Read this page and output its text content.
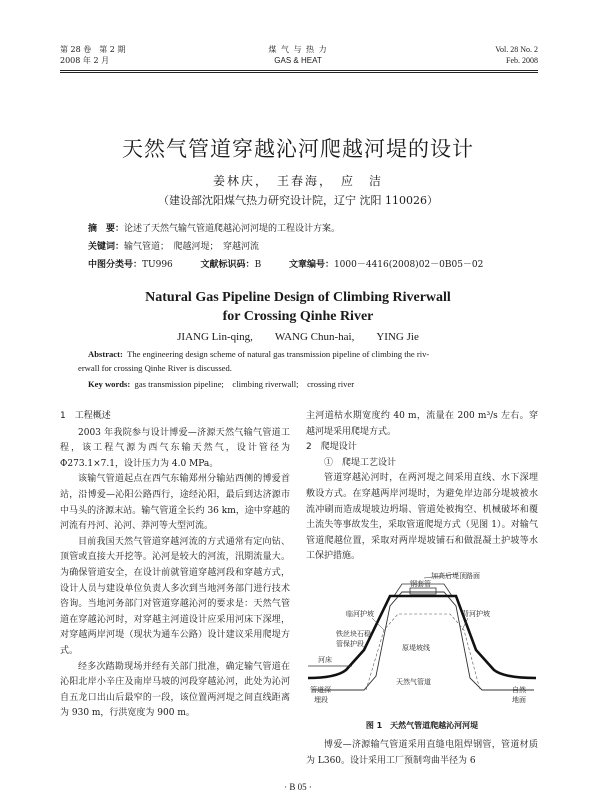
第 28 卷　第 2 期
2008 年 2 月
煤 气 与 热 力
GAS & HEAT
Vol. 28 No. 2
Feb. 2008
天然气管道穿越沁河爬越河堤的设计
姜林庆，　王春海，　应　洁
（建设部沈阳煤气热力研究设计院，辽宁 沈阳 110026）
摘　要：论述了天然气输气管道爬越沁河河堤的工程设计方案。
关键词：输气管道；　爬越河堤；　穿越河流
中图分类号：TU996	文献标识码：B	文章编号：1000－4416(2008)02－0B05－02
Natural Gas Pipeline Design of Climbing Riverwall
for Crossing Qinhe River
JIANG Lin-qing,　　WANG Chun-hai,　　YING Jie
Abstract: The engineering design scheme of natural gas transmission pipeline of climbing the riv-
erwall for crossing Qinhe River is discussed.
Key words: gas transmission pipeline;　climbing riverwall;　crossing river

1　工程概述

2003 年我院参与设计博爱—济源天然气输气管道工程，该工程气源为西气东输天然气，设计管径为 Φ273.1×7.1，设计压力为 4.0 MPa。

该输气管道起点在西气东输郑州分输站西侧的博爱首站，沿博爱—沁阳公路西行，途经沁阳，最后到达济源市中马头的济源末站。输气管道全长约 36 km，途中穿越的河流有丹河、沁河、莽河等大型河流。

目前我国天然气管道穿越河流的方式通常有定向钻、顶管或直接大开挖等。沁河是较大的河流，汛期流量大。为确保管道安全，在设计前就管道穿越河段和穿越方式，设计人员与建设单位负责人多次到当地河务部门进行技术咨询。当地河务部门对管道穿越沁河的要求是：天然气管道在穿越沁河时，对穿越主河道设计应采用河床下深埋，对穿越两岸河堤（现状为通车公路）设计建议采用爬堤方式。

经多次踏勘现场并经有关部门批准，确定输气管道在沁阳北岸小辛庄及南岸马坡的河段穿越沁河，此处为沁河自五龙口出山后最窄的一段，该位置两河堤之间直线距离为 930 m，行洪宽度为 900 m。

主河道枯水期宽度约 40 m，流量在 200 m³/s 左右。穿越河堤采用爬堤方式。

2　爬堤设计

①　爬堤工艺设计

管道穿越沁河时，在两河堤之间采用直线、水下深埋敷设方式。在穿越两岸河堤时，为避免岸边部分堤坡被水流冲刷而造成堤坡边坍塌、管道处被掏空、机械破坏和覆土流失等事故发生，采取管道爬堤方式（见图 1）。对输气管道爬越位置，采取对两岸堤坡铺石和做混凝土护坡等水工保护措施。

加高后堤顶路面
钢套管
临河护坡	背河护坡
铁丝块石稳
管保护段
河床
原堤坡线
管道深
埋段
天然气管道
自然
地面
图 1　天然气管道爬越沁河河堤

博爱—济源输气管道采用直缝电阻焊钢管，管道材质为 L360。设计采用工厂预制弯曲半径为 6

· B 05 ·
